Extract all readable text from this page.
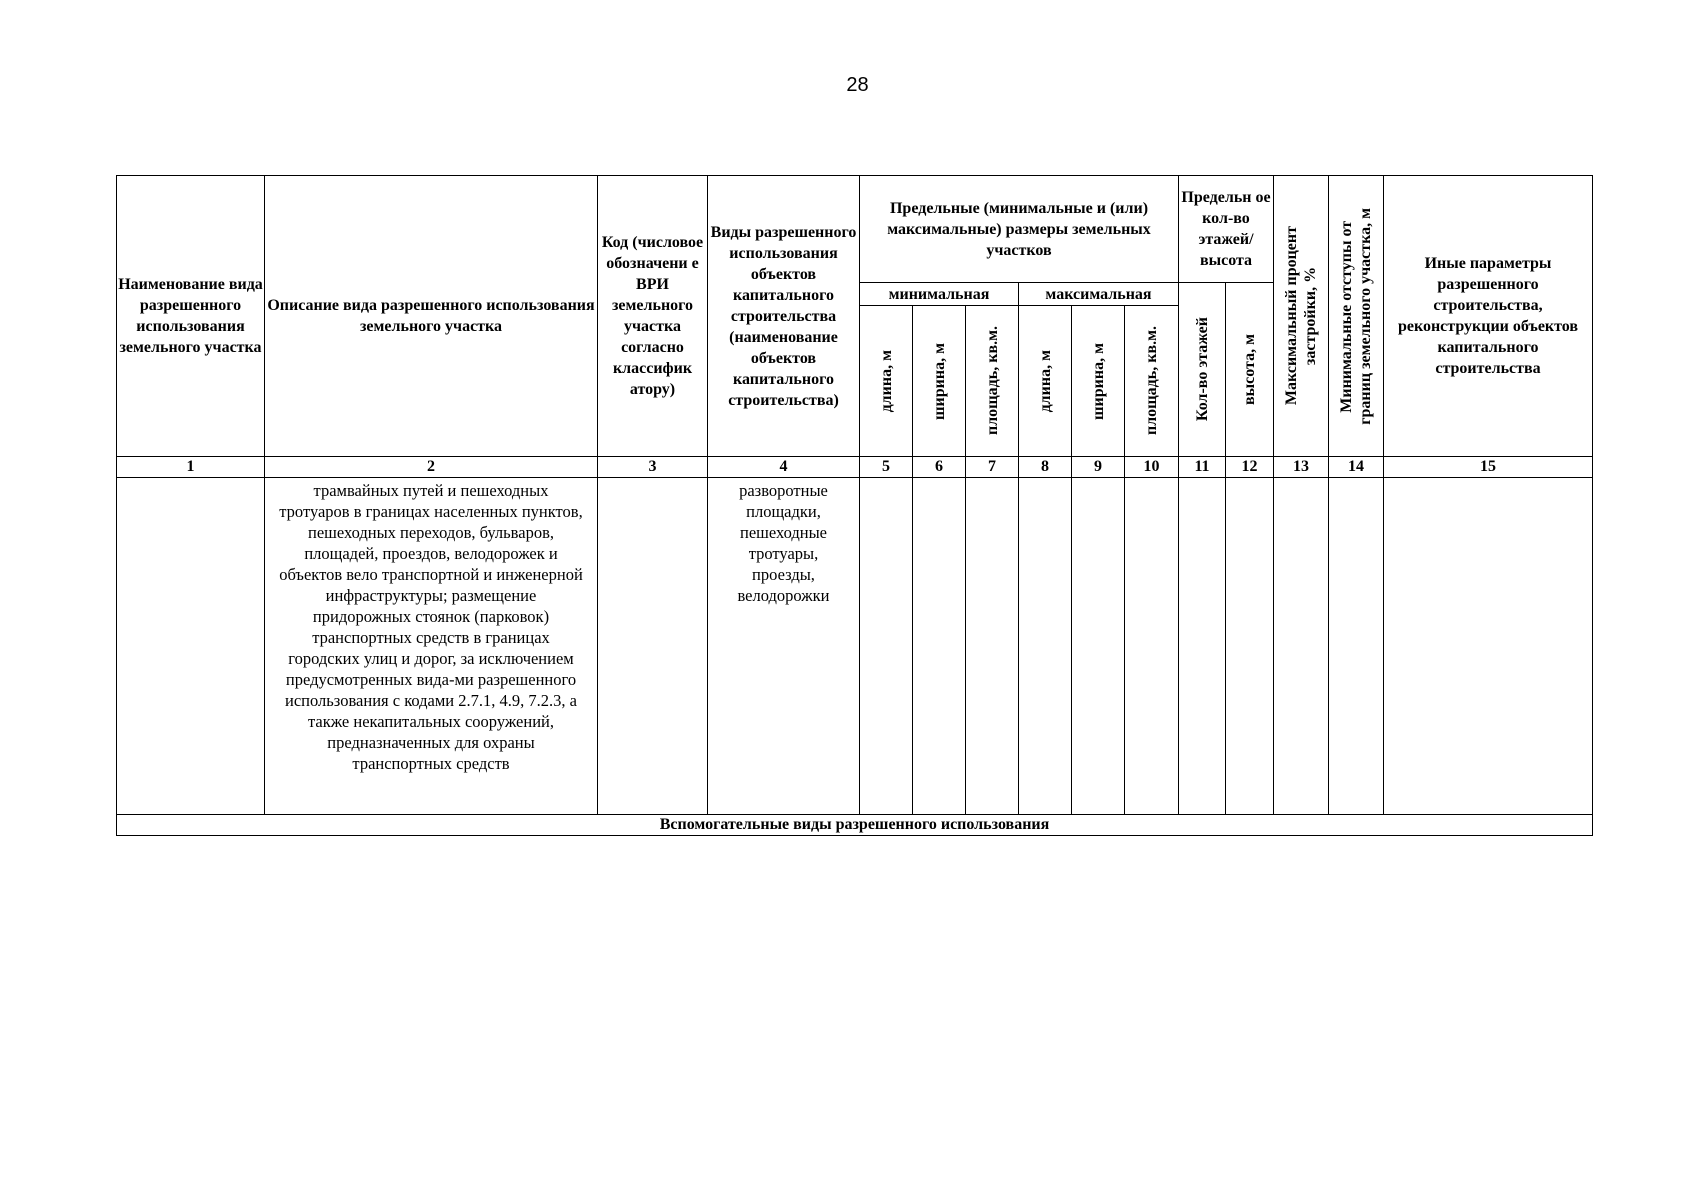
28
Наименование вида разрешенного использования земельного участка	Описание вида разрешенного использования земельного участка	Код (числовое обозначени е ВРИ земельного участка согласно классифик атору)	Виды разрешенного использования объектов капитального строительства (наименование объектов капитального строительства)	Предельные (минимальные и (или) максимальные) размеры земельных участков						Предельн ое кол-во этажей/ высота		Максимальный процент застройки, %	Минимальные отступы от границ земельного участка, м	Иные параметры разрешенного строительства, реконструкции объектов капитального строительства
				минимальная			максимальная			Кол-во этажей	высота, м			

				длина, м	ширина, м	площадь, кв.м.	длина, м	ширина, м	площадь, кв.м.					

1	2	3	4	5	6	7	8	9	10	11	12	13	14	15

	трамвайных путей и пешеходных тротуаров в границах населенных пунктов, пешеходных переходов, бульваров, площадей, проездов, велодорожек и объектов вело транспортной и инженерной инфраструктуры; размещение придорожных стоянок (парковок) транспортных средств в границах городских улиц и дорог, за исключением предусмотренных вида-ми разрешенного использования с кодами 2.7.1, 4.9, 7.2.3, а также некапитальных сооружений, предназначенных для охраны транспортных средств		разворотные площадки, пешеходные тротуары, проезды, велодорожки											

Вспомогательные виды разрешенного использования														
